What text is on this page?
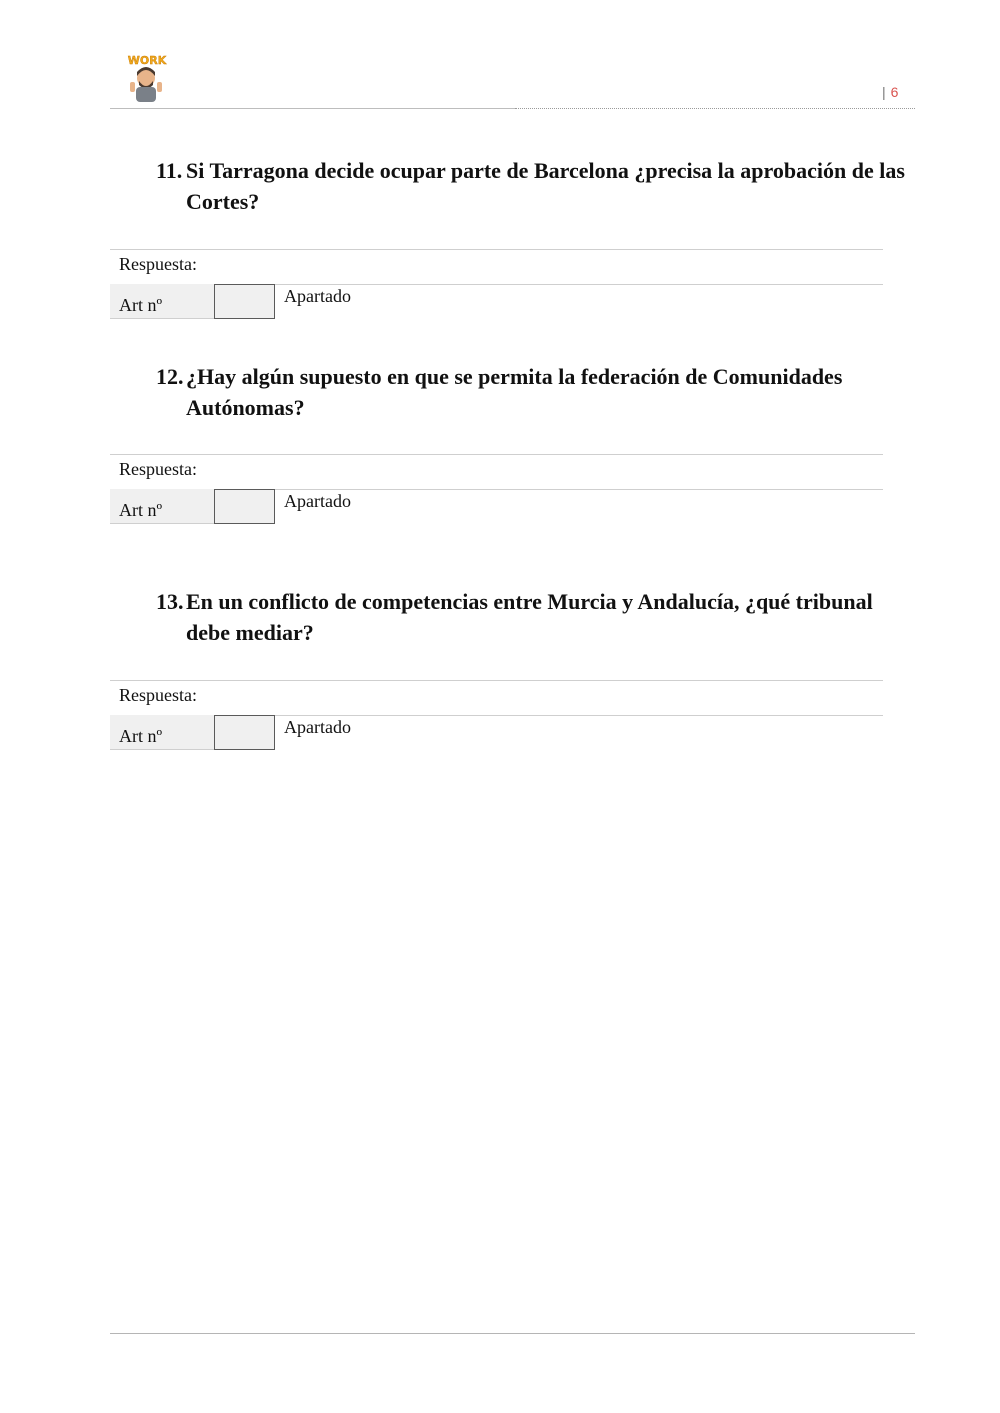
WORK
| 6
11. Si Tarragona decide ocupar parte de Barcelona ¿precisa la aprobación de las Cortes?
Respuesta:
Art nº	Apartado
12. ¿Hay algún supuesto en que se permita la federación de Comunidades Autónomas?
Respuesta:
Art nº	Apartado
13. En un conflicto de competencias entre Murcia y Andalucía, ¿qué tribunal debe mediar?
Respuesta:
Art nº	Apartado
